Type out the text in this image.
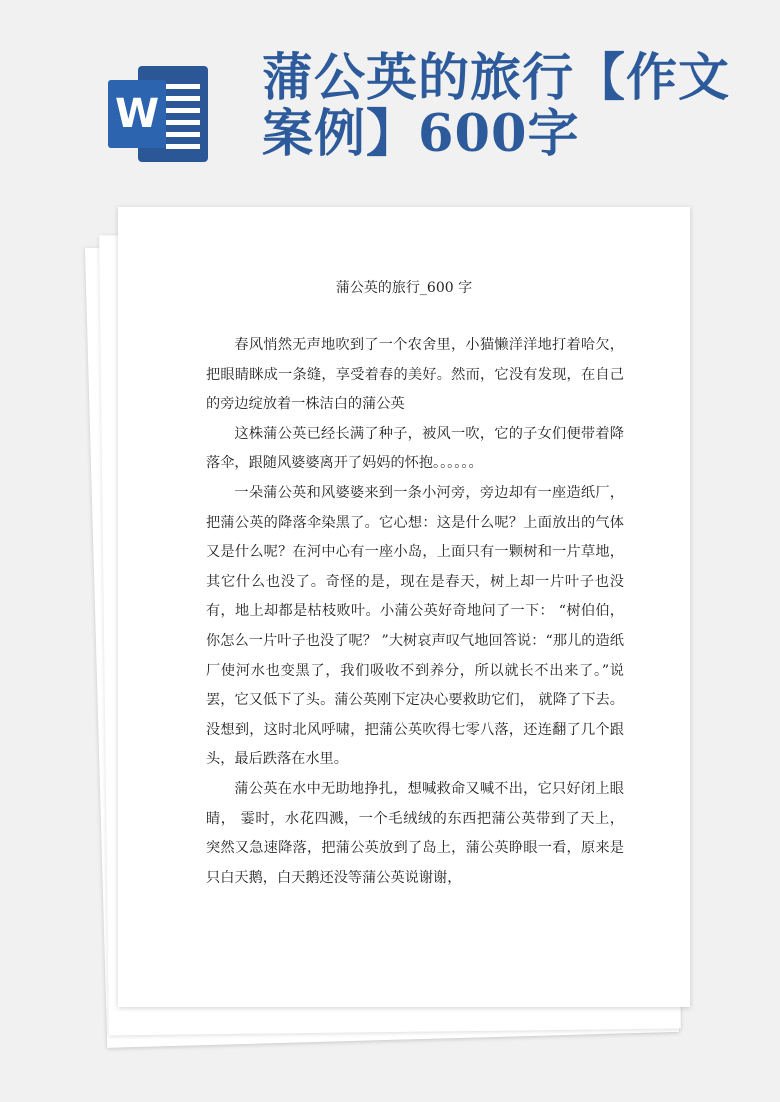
W
蒲公英的旅行【作文案例】600字
蒲公英的旅行_600 字

春风悄然无声地吹到了一个农舍里，小猫懒洋洋地打着哈欠，把眼睛眯成一条缝，享受着春的美好。然而，它没有发现，在自己的旁边绽放着一株洁白的蒲公英

这株蒲公英已经长满了种子，被风一吹，它的子女们便带着降落伞，跟随风婆婆离开了妈妈的怀抱。。。。。。

一朵蒲公英和风婆婆来到一条小河旁，旁边却有一座造纸厂，把蒲公英的降落伞染黑了。它心想：这是什么呢？上面放出的气体又是什么呢？在河中心有一座小岛，上面只有一颗树和一片草地，其它什么也没了。奇怪的是，现在是春天，树上却一片叶子也没有，地上却都是枯枝败叶。小蒲公英好奇地问了一下： “树伯伯， 你怎么一片叶子也没了呢？ ”大树哀声叹气地回答说：“那儿的造纸厂使河水也变黑了，我们吸收不到养分，所以就长不出来了。”说罢，它又低下了头。蒲公英刚下定决心要救助它们， 就降了下去。没想到，这时北风呼啸，把蒲公英吹得七零八落，还连翻了几个跟头，最后跌落在水里。

蒲公英在水中无助地挣扎，想喊救命又喊不出，它只好闭上眼睛， 霎时，水花四溅，一个毛绒绒的东西把蒲公英带到了天上， 突然又急速降落，把蒲公英放到了岛上，蒲公英睁眼一看，原来是只白天鹅，白天鹅还没等蒲公英说谢谢，
